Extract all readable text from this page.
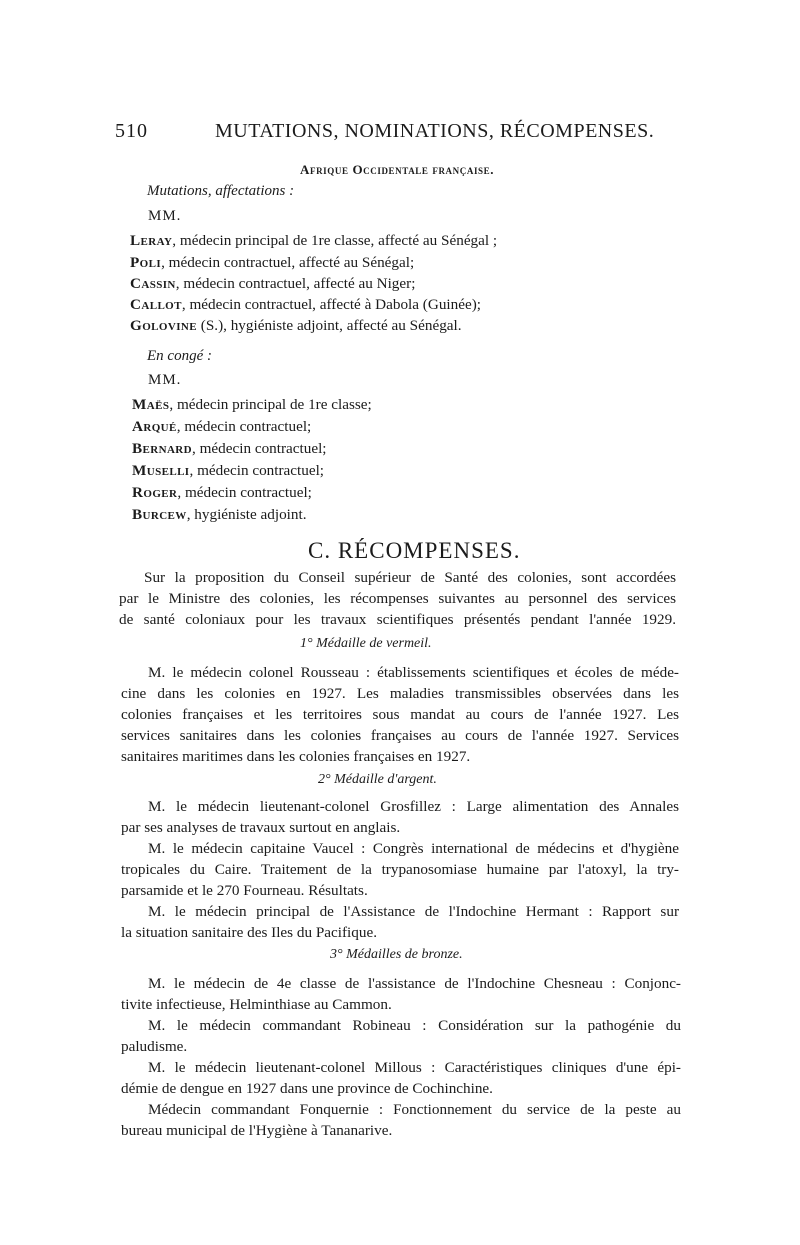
510	MUTATIONS, NOMINATIONS, RÉCOMPENSES.
Afrique Occidentale française.
Mutations, affectations :
MM.
Leray, médecin principal de 1re classe, affecté au Sénégal ;
Poli, médecin contractuel, affecté au Sénégal;
Cassin, médecin contractuel, affecté au Niger;
Callot, médecin contractuel, affecté à Dabola (Guinée);
Golovine (S.), hygiéniste adjoint, affecté au Sénégal.
En congé :
MM.
Maës, médecin principal de 1re classe;
Arqué, médecin contractuel;
Bernard, médecin contractuel;
Muselli, médecin contractuel;
Roger, médecin contractuel;
Burcew, hygiéniste adjoint.
C. RÉCOMPENSES.
Sur la proposition du Conseil supérieur de Santé des colonies, sont accordées
par le Ministre des colonies, les récompenses suivantes au personnel des services
de santé coloniaux pour les travaux scientifiques présentés pendant l'année 1929.
1° Médaille de vermeil.
M. le médecin colonel Rousseau : établissements scientifiques et écoles de méde-
cine dans les colonies en 1927. Les maladies transmissibles observées dans les
colonies françaises et les territoires sous mandat au cours de l'année 1927. Les
services sanitaires dans les colonies françaises au cours de l'année 1927. Services
sanitaires maritimes dans les colonies françaises en 1927.
2° Médaille d'argent.
M. le médecin lieutenant-colonel Grosfillez : Large alimentation des Annales
par ses analyses de travaux surtout en anglais.
M. le médecin capitaine Vaucel : Congrès international de médecins et d'hygiène
tropicales du Caire. Traitement de la trypanosomiase humaine par l'atoxyl, la try-
parsamide et le 270 Fourneau. Résultats.
M. le médecin principal de l'Assistance de l'Indochine Hermant : Rapport sur
la situation sanitaire des Iles du Pacifique.
3° Médailles de bronze.
M. le médecin de 4e classe de l'assistance de l'Indochine Chesneau : Conjonc-
tivite infectieuse, Helminthiase au Cammon.
M. le médecin commandant Robineau : Considération sur la pathogénie du
paludisme.
M. le médecin lieutenant-colonel Millous : Caractéristiques cliniques d'une épi-
démie de dengue en 1927 dans une province de Cochinchine.
Médecin commandant Fonquernie : Fonctionnement du service de la peste au
bureau municipal de l'Hygiène à Tananarive.
